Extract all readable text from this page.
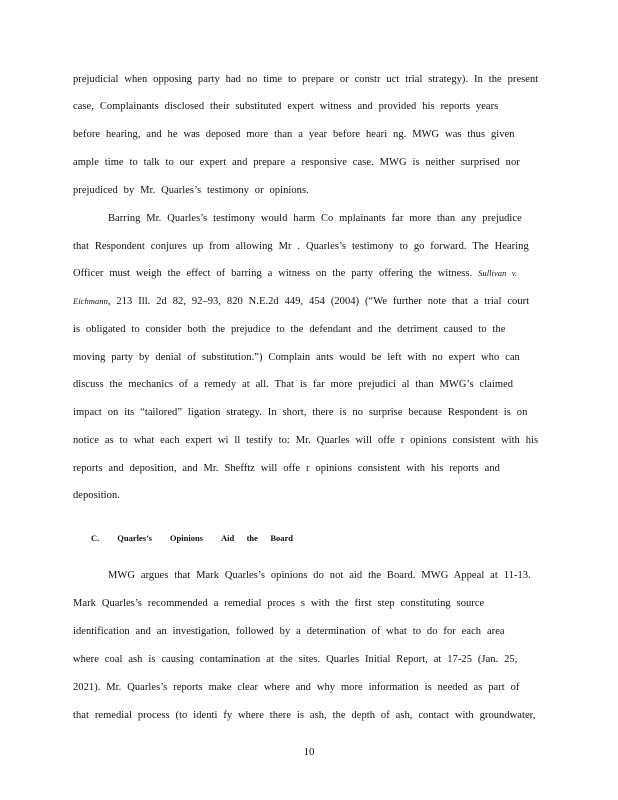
prejudicial when opposing party had no time to prepare or constr uct trial strategy). In the present
case, Complainants disclosed their substituted expert witness and provided his reports years
before hearing, and he was deposed more than a year before heari ng. MWG was thus given
ample time to talk to our expert and prepare a responsive case. MWG is neither surprised nor
prejudiced by Mr. Quarles’s testimony or opinions.
Barring Mr. Quarles’s testimony would harm Co mplainants far more than any prejudice
that Respondent conjures up from allowing Mr . Quarles’s testimony to go forward. The Hearing
Officer must weigh the effect of barring a witness on the party offering the witness. Sullivan v.
Eichmann, 213 Ill. 2d 82, 92–93, 820 N.E.2d 449, 454 (2004) (“We further note that a trial court
is obligated to consider both the prejudice to the defendant and the detriment caused to the
moving party by denial of substitution.”) Complain ants would be left with no expert who can
discuss the mechanics of a remedy at all. That is far more prejudici al than MWG’s claimed
impact on its “tailored” ligation strategy. In short, there is no surprise because Respondent is on
notice as to what each expert wi ll testify to: Mr. Quarles will offe r opinions consistent with his
reports and deposition, and Mr. Shefftz will offe r opinions consistent with his reports and
deposition.
C. Quarles’s Opinions Aid the Board
MWG argues that Mark Quarles’s opinions do not aid the Board. MWG Appeal at 11-13.
Mark Quarles’s recommended a remedial proces s with the first step constituting source
identification and an investigation, followed by a determination of what to do for each area
where coal ash is causing contamination at the sites. Quarles Initial Report, at 17-25 (Jan. 25,
2021). Mr. Quarles’s reports make clear where and why more information is needed as part of
that remedial process (to identi fy where there is ash, the depth of ash, contact with groundwater,
10
